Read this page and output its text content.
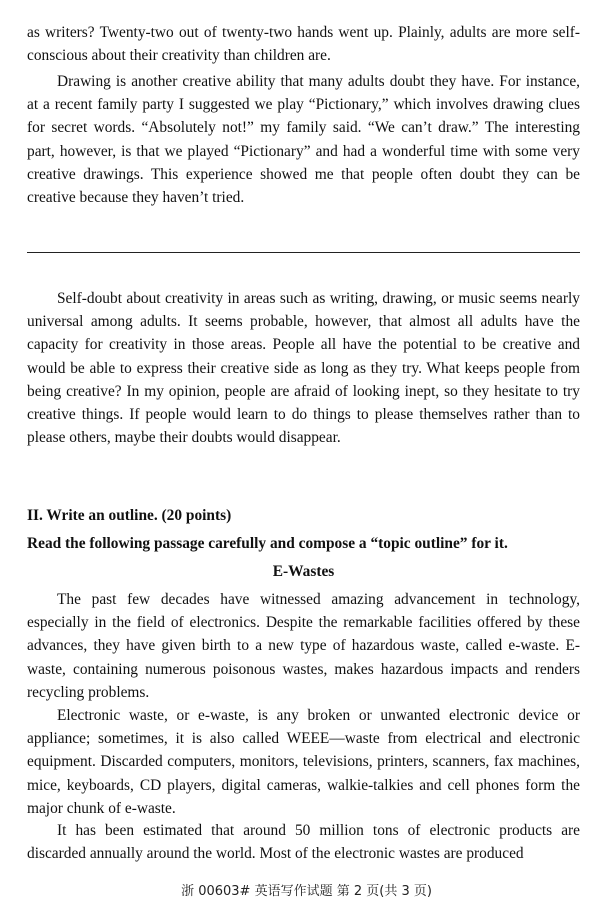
as writers? Twenty-two out of twenty-two hands went up. Plainly, adults are more self-conscious about their creativity than children are.

Drawing is another creative ability that many adults doubt they have. For instance, at a recent family party I suggested we play “Pictionary,” which involves drawing clues for secret words. “Absolutely not!” my family said. “We can’t draw.” The interesting part, however, is that we played “Pictionary” and had a wonderful time with some very creative drawings. This experience showed me that people often doubt they can be creative because they haven’t tried.

Self-doubt about creativity in areas such as writing, drawing, or music seems nearly universal among adults. It seems probable, however, that almost all adults have the capacity for creativity in those areas. People all have the potential to be creative and would be able to express their creative side as long as they try. What keeps people from being creative? In my opinion, people are afraid of looking inept, so they hesitate to try creative things. If people would learn to do things to please themselves rather than to please others, maybe their doubts would disappear.

II. Write an outline. (20 points)

Read the following passage carefully and compose a “topic outline” for it.

E-Wastes

The past few decades have witnessed amazing advancement in technology, especially in the field of electronics. Despite the remarkable facilities offered by these advances, they have given birth to a new type of hazardous waste, called e-waste. E-waste, containing numerous poisonous wastes, makes hazardous impacts and renders recycling problems.

Electronic waste, or e-waste, is any broken or unwanted electronic device or appliance; sometimes, it is also called WEEE—waste from electrical and electronic equipment. Discarded computers, monitors, televisions, printers, scanners, fax machines, mice, keyboards, CD players, digital cameras, walkie-talkies and cell phones form the major chunk of e-waste.

It has been estimated that around 50 million tons of electronic products are discarded annually around the world. Most of the electronic wastes are produced

浙 00603# 英语写作试题 第 2 页(共 3 页)
